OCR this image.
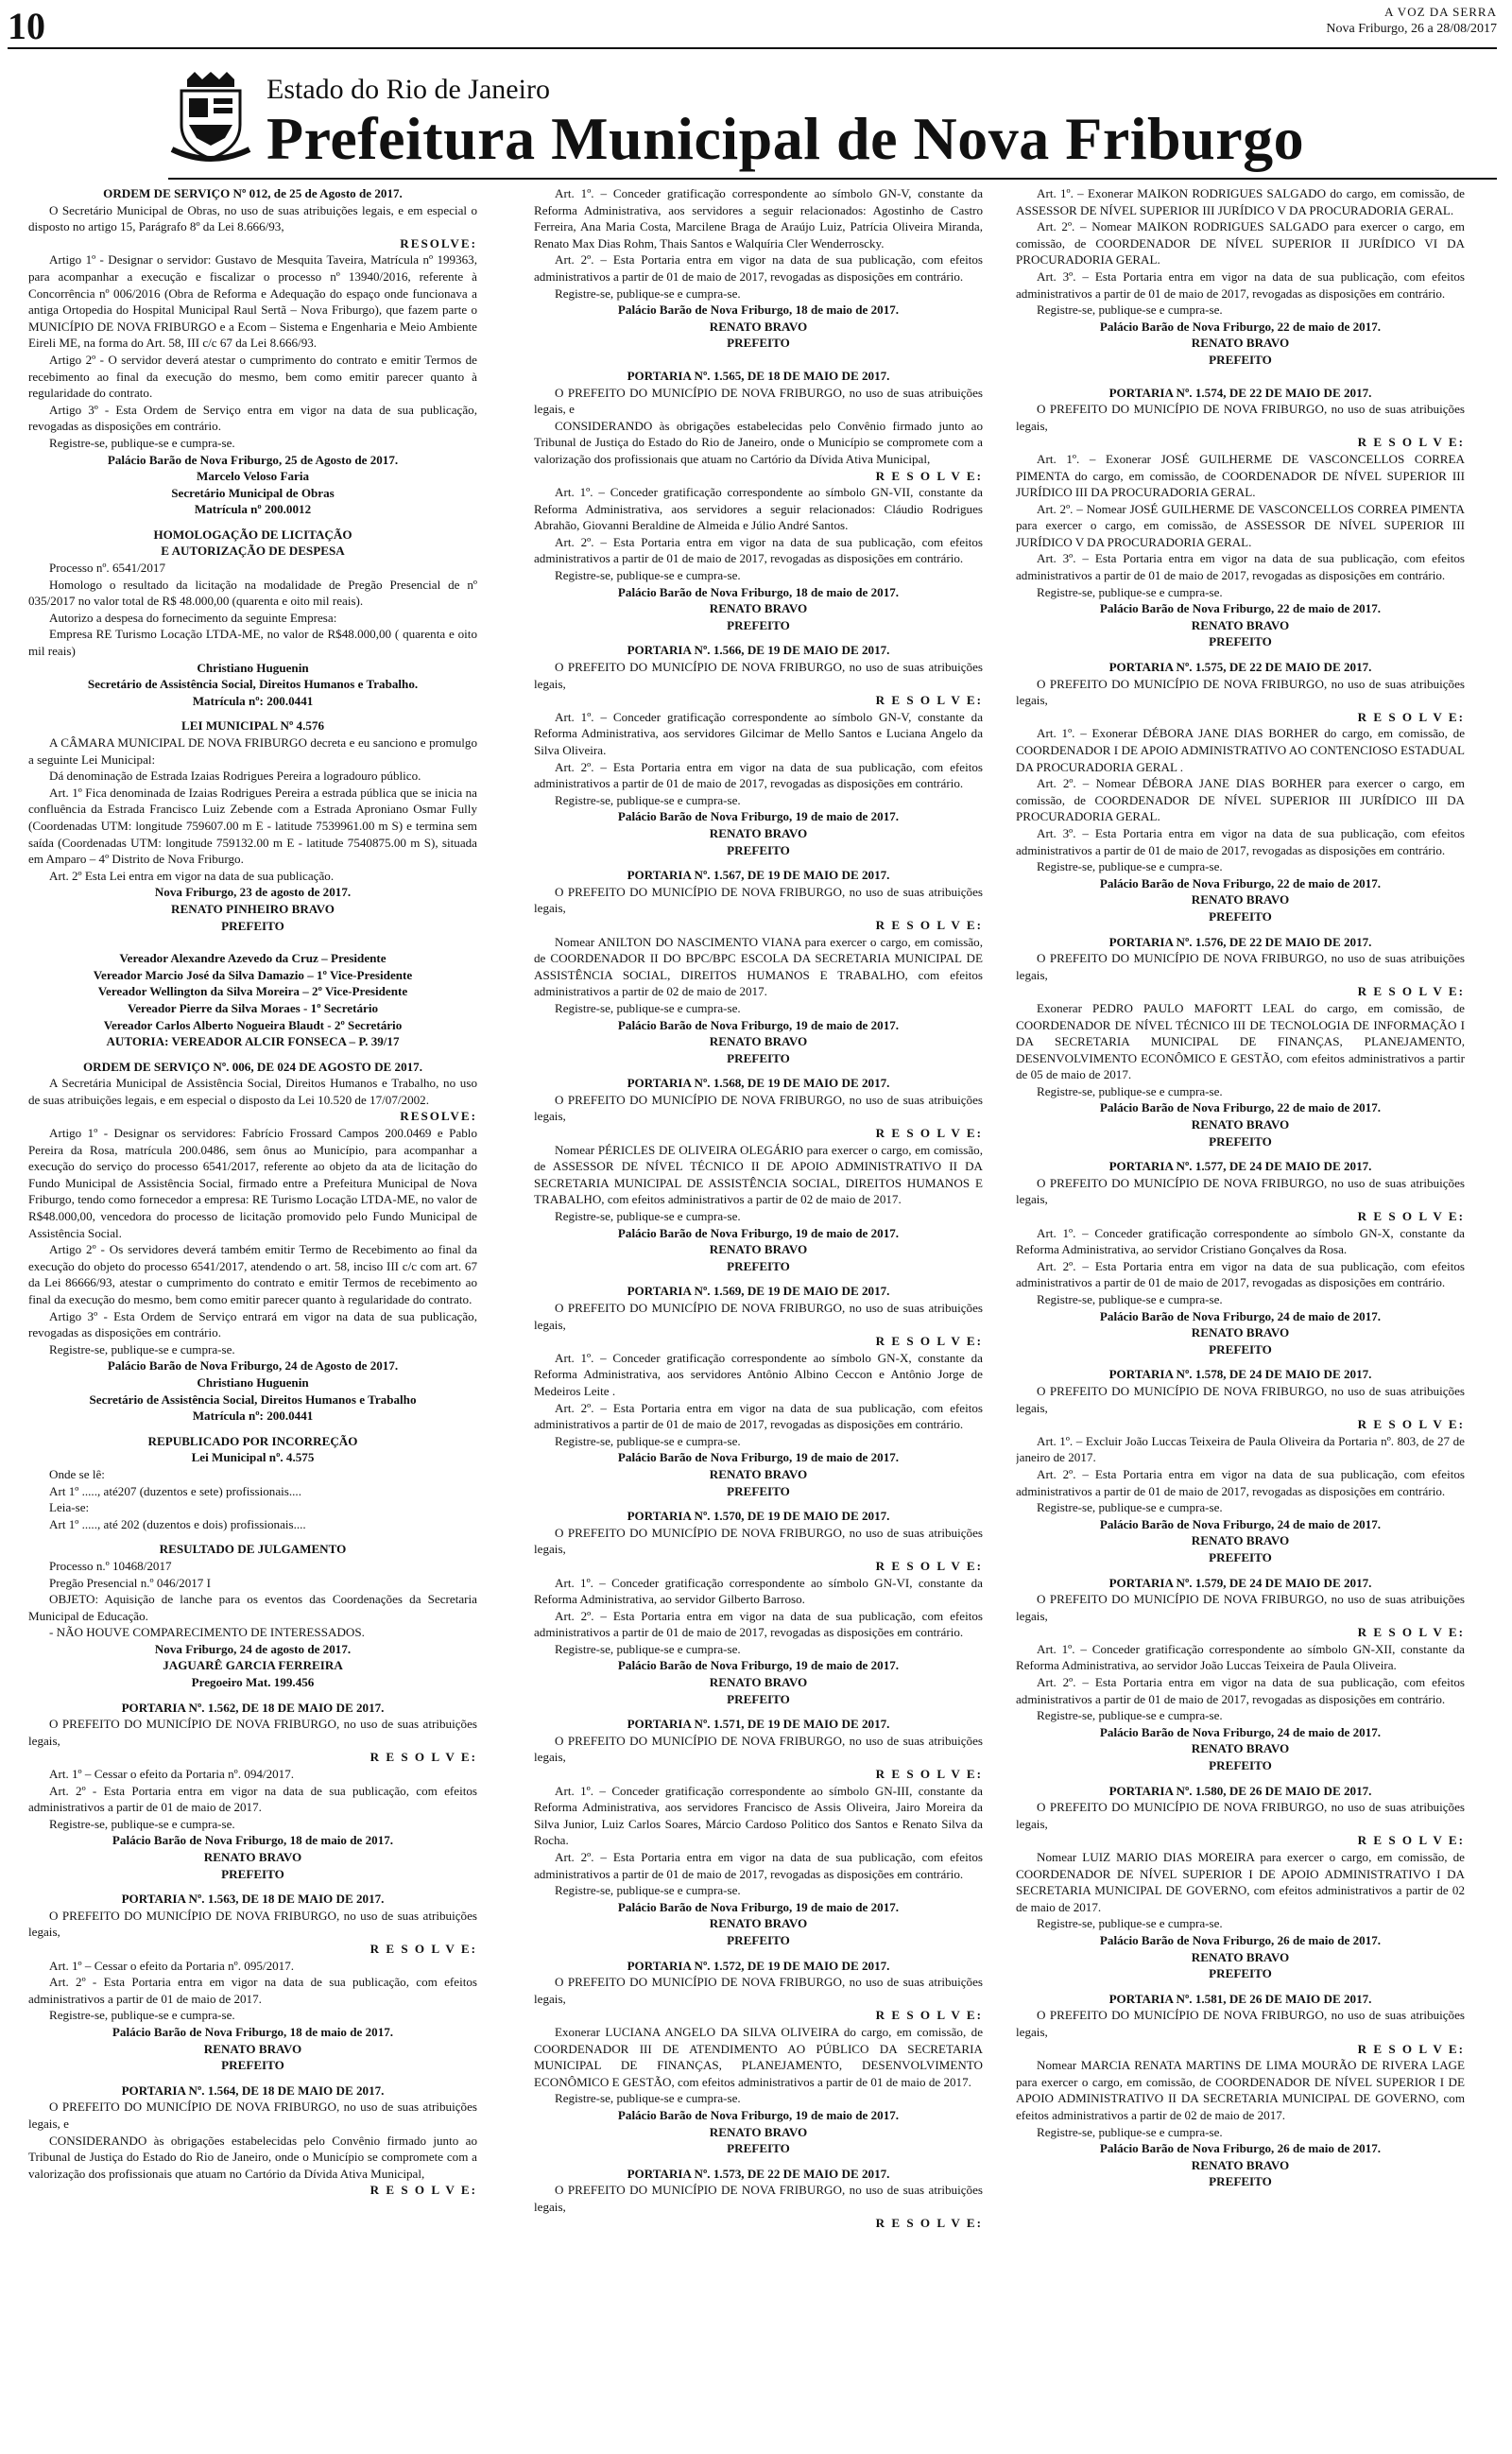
10	A VOZ DA SERRA
Nova Friburgo, 26 a 28/08/2017
Estado do Rio de Janeiro
Prefeitura Municipal de Nova Friburgo

ORDEM DE SERVIÇO Nº 012, de 25 de Agosto de 2017.

O Secretário Municipal de Obras, no uso de suas atribuições legais, e em especial o disposto no artigo 15, Parágrafo 8º da Lei 8.666/93,

RESOLVE:

Artigo 1º - Designar o servidor: Gustavo de Mesquita Taveira, Matrícula nº 199363, para acompanhar a execução e fiscalizar o processo nº 13940/2016, referente à Concorrência nº 006/2016 (Obra de Reforma e Adequação do espaço onde funcionava a antiga Ortopedia do Hospital Municipal Raul Sertã – Nova Friburgo), que fazem parte o MUNICÍPIO DE NOVA FRIBURGO e a Ecom – Sistema e Engenharia e Meio Ambiente Eireli ME, na forma do Art. 58, III c/c 67 da Lei 8.666/93.

Artigo 2º - O servidor deverá atestar o cumprimento do contrato e emitir Termos de recebimento ao final da execução do mesmo, bem como emitir parecer quanto à regularidade do contrato.

Artigo 3º - Esta Ordem de Serviço entra em vigor na data de sua publicação, revogadas as disposições em contrário.

Registre-se, publique-se e cumpra-se.

Palácio Barão de Nova Friburgo, 25 de Agosto de 2017.

Marcelo Veloso Faria

Secretário Municipal de Obras

Matrícula nº 200.0012

HOMOLOGAÇÃO DE LICITAÇÃO

E AUTORIZAÇÃO DE DESPESA

Processo nº. 6541/2017

Homologo o resultado da licitação na modalidade de Pregão Presencial de nº 035/2017 no valor total de R$ 48.000,00 (quarenta e oito mil reais).

Autorizo a despesa do fornecimento da seguinte Empresa:

Empresa RE Turismo Locação LTDA-ME, no valor de R$48.000,00 ( quarenta e oito mil reais)

Christiano Huguenin

Secretário de Assistência Social, Direitos Humanos e Trabalho.

Matrícula nº: 200.0441

LEI MUNICIPAL Nº 4.576

A CÂMARA MUNICIPAL DE NOVA FRIBURGO decreta e eu sanciono e promulgo a seguinte Lei Municipal:

Dá denominação de Estrada Izaias Rodrigues Pereira a logradouro público.

Art. 1º Fica denominada de Izaias Rodrigues Pereira a estrada pública que se inicia na confluência da Estrada Francisco Luiz Zebende com a Estrada Aproniano Osmar Fully (Coordenadas UTM: longitude 759607.00 m E - latitude 7539961.00 m S) e termina sem saída (Coordenadas UTM: longitude 759132.00 m E - latitude 7540875.00 m S), situada em Amparo – 4º Distrito de Nova Friburgo.

Art. 2º Esta Lei entra em vigor na data de sua publicação.

Nova Friburgo, 23 de agosto de 2017.

RENATO PINHEIRO BRAVO

PREFEITO

Vereador Alexandre Azevedo da Cruz – Presidente

Vereador Marcio José da Silva Damazio – 1º Vice-Presidente

Vereador Wellington da Silva Moreira – 2º Vice-Presidente

Vereador Pierre da Silva Moraes - 1º Secretário

Vereador Carlos Alberto Nogueira Blaudt - 2º Secretário

AUTORIA: VEREADOR ALCIR FONSECA – P. 39/17

ORDEM DE SERVIÇO Nº. 006, DE 024 DE AGOSTO DE 2017.

A Secretária Municipal de Assistência Social, Direitos Humanos e Trabalho, no uso de suas atribuições legais, e em especial o disposto da Lei 10.520 de 17/07/2002.

RESOLVE:

Artigo 1º - Designar os servidores: Fabrício Frossard Campos 200.0469 e Pablo Pereira da Rosa, matrícula 200.0486, sem ônus ao Município, para acompanhar a execução do serviço do processo 6541/2017, referente ao objeto da ata de licitação do Fundo Municipal de Assistência Social, firmado entre a Prefeitura Municipal de Nova Friburgo, tendo como fornecedor a empresa: RE Turismo Locação LTDA-ME, no valor de R$48.000,00, vencedora do processo de licitação promovido pelo Fundo Municipal de Assistência Social.

Artigo 2º - Os servidores deverá também emitir Termo de Recebimento ao final da execução do objeto do processo 6541/2017, atendendo o art. 58, inciso III c/c com art. 67 da Lei 86666/93, atestar o cumprimento do contrato e emitir Termos de recebimento ao final da execução do mesmo, bem como emitir parecer quanto à regularidade do contrato.

Artigo 3º - Esta Ordem de Serviço entrará em vigor na data de sua publicação, revogadas as disposições em contrário.

Registre-se, publique-se e cumpra-se.

Palácio Barão de Nova Friburgo, 24 de Agosto de 2017.

Christiano Huguenin

Secretário de Assistência Social, Direitos Humanos e Trabalho

Matrícula nº: 200.0441

REPUBLICADO POR INCORREÇÃO

Lei Municipal nº. 4.575

Onde se lê:

Art 1º ....., até207 (duzentos e sete) profissionais....

Leia-se:

Art 1º ....., até 202 (duzentos e dois) profissionais....

RESULTADO DE JULGAMENTO

Processo n.º 10468/2017

Pregão Presencial n.º 046/2017 I

OBJETO: Aquisição de lanche para os eventos das Coordenações da Secretaria Municipal de Educação.

- NÃO HOUVE COMPARECIMENTO DE INTERESSADOS.

Nova Friburgo, 24 de agosto de 2017.

JAGUARÊ GARCIA FERREIRA

Pregoeiro Mat. 199.456

PORTARIA Nº. 1.562, DE 18 DE MAIO DE 2017.

O PREFEITO DO MUNICÍPIO DE NOVA FRIBURGO, no uso de suas atribuições legais,

R E S O L V E:

Art. 1º – Cessar o efeito da Portaria nº. 094/2017.

Art. 2º - Esta Portaria entra em vigor na data de sua publicação, com efeitos administrativos a partir de 01 de maio de 2017.

Registre-se, publique-se e cumpra-se.

Palácio Barão de Nova Friburgo, 18 de maio de 2017.

RENATO BRAVO

PREFEITO

PORTARIA Nº. 1.563, DE 18 DE MAIO DE 2017.

O PREFEITO DO MUNICÍPIO DE NOVA FRIBURGO, no uso de suas atribuições legais,

R E S O L V E:

Art. 1º – Cessar o efeito da Portaria nº. 095/2017.

Art. 2º - Esta Portaria entra em vigor na data de sua publicação, com efeitos administrativos a partir de 01 de maio de 2017.

Registre-se, publique-se e cumpra-se.

Palácio Barão de Nova Friburgo, 18 de maio de 2017.

RENATO BRAVO

PREFEITO

PORTARIA Nº. 1.564, DE 18 DE MAIO DE 2017.

O PREFEITO DO MUNICÍPIO DE NOVA FRIBURGO, no uso de suas atribuições legais, e

CONSIDERANDO às obrigações estabelecidas pelo Convênio firmado junto ao Tribunal de Justiça do Estado do Rio de Janeiro, onde o Município se compromete com a valorização dos profissionais que atuam no Cartório da Dívida Ativa Municipal,

R E S O L V E:

Art. 1º. – Conceder gratificação correspondente ao símbolo GN-V, constante da Reforma Administrativa, aos servidores a seguir relacionados: Agostinho de Castro Ferreira, Ana Maria Costa, Marcilene Braga de Araújo Luiz, Patrícia Oliveira Miranda, Renato Max Dias Rohm, Thais Santos e Walquíria Cler Wenderroscky.

Art. 2º. – Esta Portaria entra em vigor na data de sua publicação, com efeitos administrativos a partir de 01 de maio de 2017, revogadas as disposições em contrário.

Registre-se, publique-se e cumpra-se.

Palácio Barão de Nova Friburgo, 18 de maio de 2017.

RENATO BRAVO

PREFEITO

PORTARIA Nº. 1.565, DE 18 DE MAIO DE 2017.

O PREFEITO DO MUNICÍPIO DE NOVA FRIBURGO, no uso de suas atribuições legais, e

CONSIDERANDO às obrigações estabelecidas pelo Convênio firmado junto ao Tribunal de Justiça do Estado do Rio de Janeiro, onde o Município se compromete com a valorização dos profissionais que atuam no Cartório da Dívida Ativa Municipal,

R E S O L V E:

Art. 1º. – Conceder gratificação correspondente ao símbolo GN-VII, constante da Reforma Administrativa, aos servidores a seguir relacionados: Cláudio Rodrigues Abrahão, Giovanni Beraldine de Almeida e Júlio André Santos.

Art. 2º. – Esta Portaria entra em vigor na data de sua publicação, com efeitos administrativos a partir de 01 de maio de 2017, revogadas as disposições em contrário.

Registre-se, publique-se e cumpra-se.

Palácio Barão de Nova Friburgo, 18 de maio de 2017.

RENATO BRAVO

PREFEITO

PORTARIA Nº. 1.566, DE 19 DE MAIO DE 2017.

O PREFEITO DO MUNICÍPIO DE NOVA FRIBURGO, no uso de suas atribuições legais,

R E S O L V E:

Art. 1º. – Conceder gratificação correspondente ao símbolo GN-V, constante da Reforma Administrativa, aos servidores Gilcimar de Mello Santos e Luciana Angelo da Silva Oliveira.

Art. 2º. – Esta Portaria entra em vigor na data de sua publicação, com efeitos administrativos a partir de 01 de maio de 2017, revogadas as disposições em contrário.

Registre-se, publique-se e cumpra-se.

Palácio Barão de Nova Friburgo, 19 de maio de 2017.

RENATO BRAVO

PREFEITO

PORTARIA Nº. 1.567, DE 19 DE MAIO DE 2017.

O PREFEITO DO MUNICÍPIO DE NOVA FRIBURGO, no uso de suas atribuições legais,

R E S O L V E:

Nomear ANILTON DO NASCIMENTO VIANA para exercer o cargo, em comissão, de COORDENADOR II DO BPC/BPC ESCOLA DA SECRETARIA MUNICIPAL DE ASSISTÊNCIA SOCIAL, DIREITOS HUMANOS E TRABALHO, com efeitos administrativos a partir de 02 de maio de 2017.

Registre-se, publique-se e cumpra-se.

Palácio Barão de Nova Friburgo, 19 de maio de 2017.

RENATO BRAVO

PREFEITO

PORTARIA Nº. 1.568, DE 19 DE MAIO DE 2017.

O PREFEITO DO MUNICÍPIO DE NOVA FRIBURGO, no uso de suas atribuições legais,

R E S O L V E:

Nomear PÉRICLES DE OLIVEIRA OLEGÁRIO para exercer o cargo, em comissão, de ASSESSOR DE NÍVEL TÉCNICO II DE APOIO ADMINISTRATIVO II DA SECRETARIA MUNICIPAL DE ASSISTÊNCIA SOCIAL, DIREITOS HUMANOS E TRABALHO, com efeitos administrativos a partir de 02 de maio de 2017.

Registre-se, publique-se e cumpra-se.

Palácio Barão de Nova Friburgo, 19 de maio de 2017.

RENATO BRAVO

PREFEITO

PORTARIA Nº. 1.569, DE 19 DE MAIO DE 2017.

O PREFEITO DO MUNICÍPIO DE NOVA FRIBURGO, no uso de suas atribuições legais,

R E S O L V E:

Art. 1º. – Conceder gratificação correspondente ao símbolo GN-X, constante da Reforma Administrativa, aos servidores Antônio Albino Ceccon e Antônio Jorge de Medeiros Leite .

Art. 2º. – Esta Portaria entra em vigor na data de sua publicação, com efeitos administrativos a partir de 01 de maio de 2017, revogadas as disposições em contrário.

Registre-se, publique-se e cumpra-se.

Palácio Barão de Nova Friburgo, 19 de maio de 2017.

RENATO BRAVO

PREFEITO

PORTARIA Nº. 1.570, DE 19 DE MAIO DE 2017.

O PREFEITO DO MUNICÍPIO DE NOVA FRIBURGO, no uso de suas atribuições legais,

R E S O L V E:

Art. 1º. – Conceder gratificação correspondente ao símbolo GN-VI, constante da Reforma Administrativa, ao servidor Gilberto Barroso.

Art. 2º. – Esta Portaria entra em vigor na data de sua publicação, com efeitos administrativos a partir de 01 de maio de 2017, revogadas as disposições em contrário.

Registre-se, publique-se e cumpra-se.

Palácio Barão de Nova Friburgo, 19 de maio de 2017.

RENATO BRAVO

PREFEITO

PORTARIA Nº. 1.571, DE 19 DE MAIO DE 2017.

O PREFEITO DO MUNICÍPIO DE NOVA FRIBURGO, no uso de suas atribuições legais,

R E S O L V E:

Art. 1º. – Conceder gratificação correspondente ao símbolo GN-III, constante da Reforma Administrativa, aos servidores Francisco de Assis Oliveira, Jairo Moreira da Silva Junior, Luiz Carlos Soares, Márcio Cardoso Politico dos Santos e Renato Silva da Rocha.

Art. 2º. – Esta Portaria entra em vigor na data de sua publicação, com efeitos administrativos a partir de 01 de maio de 2017, revogadas as disposições em contrário.

Registre-se, publique-se e cumpra-se.

Palácio Barão de Nova Friburgo, 19 de maio de 2017.

RENATO BRAVO

PREFEITO

PORTARIA Nº. 1.572, DE 19 DE MAIO DE 2017.

O PREFEITO DO MUNICÍPIO DE NOVA FRIBURGO, no uso de suas atribuições legais,

R E S O L V E:

Exonerar LUCIANA ANGELO DA SILVA OLIVEIRA do cargo, em comissão, de COORDENADOR III DE ATENDIMENTO AO PÚBLICO DA SECRETARIA MUNICIPAL DE FINANÇAS, PLANEJAMENTO, DESENVOLVIMENTO ECONÔMICO E GESTÃO, com efeitos administrativos a partir de 01 de maio de 2017.

Registre-se, publique-se e cumpra-se.

Palácio Barão de Nova Friburgo, 19 de maio de 2017.

RENATO BRAVO

PREFEITO

PORTARIA Nº. 1.573, DE 22 DE MAIO DE 2017.

O PREFEITO DO MUNICÍPIO DE NOVA FRIBURGO, no uso de suas atribuições legais,

R E S O L V E:

Art. 1º. – Exonerar MAIKON RODRIGUES SALGADO do cargo, em comissão, de ASSESSOR DE NÍVEL SUPERIOR III JURÍDICO V DA PROCURADORIA GERAL.

Art. 2º. – Nomear MAIKON RODRIGUES SALGADO para exercer o cargo, em comissão, de COORDENADOR DE NÍVEL SUPERIOR II JURÍDICO VI DA PROCURADORIA GERAL.

Art. 3º. – Esta Portaria entra em vigor na data de sua publicação, com efeitos administrativos a partir de 01 de maio de 2017, revogadas as disposições em contrário.

Registre-se, publique-se e cumpra-se.

Palácio Barão de Nova Friburgo, 22 de maio de 2017.

RENATO BRAVO

PREFEITO

PORTARIA Nº. 1.574, DE 22 DE MAIO DE 2017.

O PREFEITO DO MUNICÍPIO DE NOVA FRIBURGO, no uso de suas atribuições legais,

R E S O L V E:

Art. 1º. – Exonerar JOSÉ GUILHERME DE VASCONCELLOS CORREA PIMENTA do cargo, em comissão, de COORDENADOR DE NÍVEL SUPERIOR III JURÍDICO III DA PROCURADORIA GERAL.

Art. 2º. – Nomear JOSÉ GUILHERME DE VASCONCELLOS CORREA PIMENTA para exercer o cargo, em comissão, de ASSESSOR DE NÍVEL SUPERIOR III JURÍDICO V DA PROCURADORIA GERAL.

Art. 3º. – Esta Portaria entra em vigor na data de sua publicação, com efeitos administrativos a partir de 01 de maio de 2017, revogadas as disposições em contrário.

Registre-se, publique-se e cumpra-se.

Palácio Barão de Nova Friburgo, 22 de maio de 2017.

RENATO BRAVO

PREFEITO

PORTARIA Nº. 1.575, DE 22 DE MAIO DE 2017.

O PREFEITO DO MUNICÍPIO DE NOVA FRIBURGO, no uso de suas atribuições legais,

R E S O L V E:

Art. 1º. – Exonerar DÉBORA JANE DIAS BORHER do cargo, em comissão, de COORDENADOR I DE APOIO ADMINISTRATIVO AO CONTENCIOSO ESTADUAL DA PROCURADORIA GERAL .

Art. 2º. – Nomear DÉBORA JANE DIAS BORHER para exercer o cargo, em comissão, de COORDENADOR DE NÍVEL SUPERIOR III JURÍDICO III DA PROCURADORIA GERAL.

Art. 3º. – Esta Portaria entra em vigor na data de sua publicação, com efeitos administrativos a partir de 01 de maio de 2017, revogadas as disposições em contrário.

Registre-se, publique-se e cumpra-se.

Palácio Barão de Nova Friburgo, 22 de maio de 2017.

RENATO BRAVO

PREFEITO

PORTARIA Nº. 1.576, DE 22 DE MAIO DE 2017.

O PREFEITO DO MUNICÍPIO DE NOVA FRIBURGO, no uso de suas atribuições legais,

R E S O L V E:

Exonerar PEDRO PAULO MAFORTT LEAL do cargo, em comissão, de COORDENADOR DE NÍVEL TÉCNICO III DE TECNOLOGIA DE INFORMAÇÃO I DA SECRETARIA MUNICIPAL DE FINANÇAS, PLANEJAMENTO, DESENVOLVIMENTO ECONÔMICO E GESTÃO, com efeitos administrativos a partir de 05 de maio de 2017.

Registre-se, publique-se e cumpra-se.

Palácio Barão de Nova Friburgo, 22 de maio de 2017.

RENATO BRAVO

PREFEITO

PORTARIA Nº. 1.577, DE 24 DE MAIO DE 2017.

O PREFEITO DO MUNICÍPIO DE NOVA FRIBURGO, no uso de suas atribuições legais,

R E S O L V E:

Art. 1º. – Conceder gratificação correspondente ao símbolo GN-X, constante da Reforma Administrativa, ao servidor Cristiano Gonçalves da Rosa.

Art. 2º. – Esta Portaria entra em vigor na data de sua publicação, com efeitos administrativos a partir de 01 de maio de 2017, revogadas as disposições em contrário.

Registre-se, publique-se e cumpra-se.

Palácio Barão de Nova Friburgo, 24 de maio de 2017.

RENATO BRAVO

PREFEITO

PORTARIA Nº. 1.578, DE 24 DE MAIO DE 2017.

O PREFEITO DO MUNICÍPIO DE NOVA FRIBURGO, no uso de suas atribuições legais,

R E S O L V E:

Art. 1º. – Excluir João Luccas Teixeira de Paula Oliveira da Portaria nº. 803, de 27 de janeiro de 2017.

Art. 2º. – Esta Portaria entra em vigor na data de sua publicação, com efeitos administrativos a partir de 01 de maio de 2017, revogadas as disposições em contrário.

Registre-se, publique-se e cumpra-se.

Palácio Barão de Nova Friburgo, 24 de maio de 2017.

RENATO BRAVO

PREFEITO

PORTARIA Nº. 1.579, DE 24 DE MAIO DE 2017.

O PREFEITO DO MUNICÍPIO DE NOVA FRIBURGO, no uso de suas atribuições legais,

R E S O L V E:

Art. 1º. – Conceder gratificação correspondente ao símbolo GN-XII, constante da Reforma Administrativa, ao servidor João Luccas Teixeira de Paula Oliveira.

Art. 2º. – Esta Portaria entra em vigor na data de sua publicação, com efeitos administrativos a partir de 01 de maio de 2017, revogadas as disposições em contrário.

Registre-se, publique-se e cumpra-se.

Palácio Barão de Nova Friburgo, 24 de maio de 2017.

RENATO BRAVO

PREFEITO

PORTARIA Nº. 1.580, DE 26 DE MAIO DE 2017.

O PREFEITO DO MUNICÍPIO DE NOVA FRIBURGO, no uso de suas atribuições legais,

R E S O L V E:

Nomear LUIZ MARIO DIAS MOREIRA para exercer o cargo, em comissão, de COORDENADOR DE NÍVEL SUPERIOR I DE APOIO ADMINISTRATIVO I DA SECRETARIA MUNICIPAL DE GOVERNO, com efeitos administrativos a partir de 02 de maio de 2017.

Registre-se, publique-se e cumpra-se.

Palácio Barão de Nova Friburgo, 26 de maio de 2017.

RENATO BRAVO

PREFEITO

PORTARIA Nº. 1.581, DE 26 DE MAIO DE 2017.

O PREFEITO DO MUNICÍPIO DE NOVA FRIBURGO, no uso de suas atribuições legais,

R E S O L V E:

Nomear MARCIA RENATA MARTINS DE LIMA MOURÃO DE RIVERA LAGE para exercer o cargo, em comissão, de COORDENADOR DE NÍVEL SUPERIOR I DE APOIO ADMINISTRATIVO II DA SECRETARIA MUNICIPAL DE GOVERNO, com efeitos administrativos a partir de 02 de maio de 2017.

Registre-se, publique-se e cumpra-se.

Palácio Barão de Nova Friburgo, 26 de maio de 2017.

RENATO BRAVO

PREFEITO
